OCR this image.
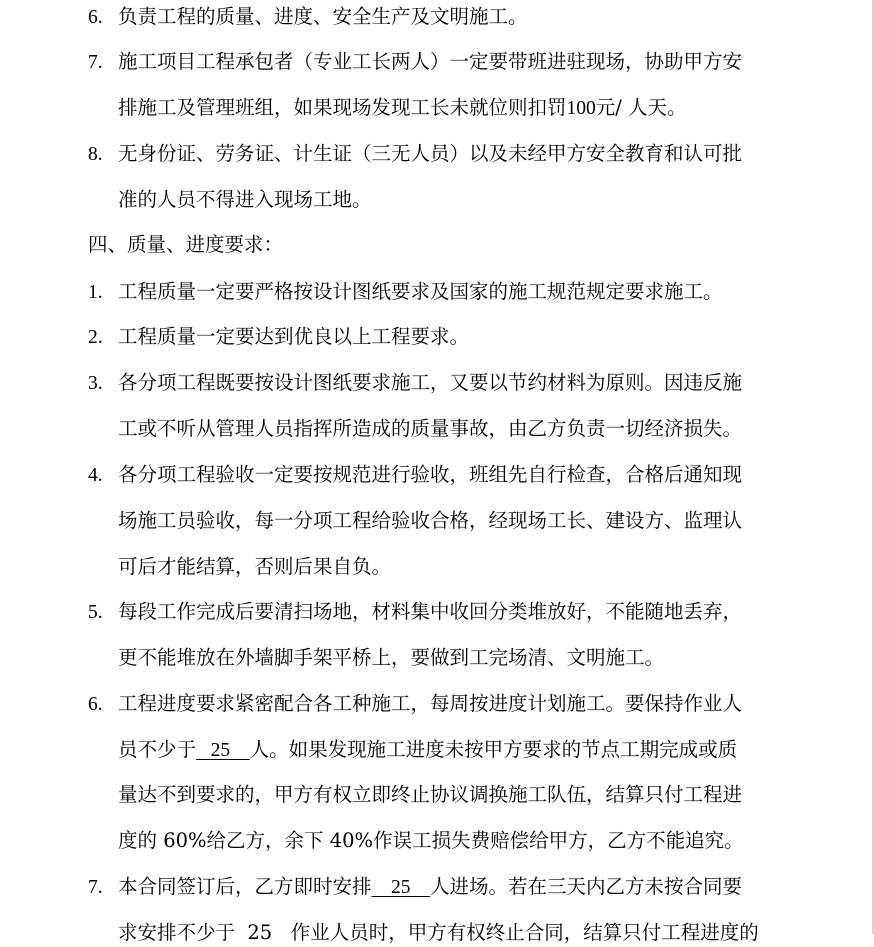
6. 负责工程的质量、进度、安全生产及文明施工。
7. 施工项目工程承包者（专业工长两人）一定要带班进驻现场，协助甲方安
排施工及管理班组，如果现场发现工长未就位则扣罚100元/ 人天。
8. 无身份证、劳务证、计生证（三无人员）以及未经甲方安全教育和认可批
准的人员不得进入现场工地。
四、质量、进度要求：
1. 工程质量一定要严格按设计图纸要求及国家的施工规范规定要求施工。
2. 工程质量一定要达到优良以上工程要求。
3. 各分项工程既要按设计图纸要求施工，又要以节约材料为原则。因违反施
工或不听从管理人员指挥所造成的质量事故，由乙方负责一切经济损失。
4. 各分项工程验收一定要按规范进行验收，班组先自行检查，合格后通知现
场施工员验收，每一分项工程给验收合格，经现场工长、建设方、监理认
可后才能结算，否则后果自负。
5. 每段工作完成后要清扫场地，材料集中收回分类堆放好，不能随地丢弃，
更不能堆放在外墙脚手架平桥上，要做到工完场清、文明施工。
6. 工程进度要求紧密配合各工种施工，每周按进度计划施工。要保持作业人
员不少于   25    人。如果发现施工进度未按甲方要求的节点工期完成或质
量达不到要求的，甲方有权立即终止协议调换施工队伍，结算只付工程进
度的 60%给乙方，余下 40%作误工损失费赔偿给甲方，乙方不能追究。
7. 本合同签订后，乙方即时安排    25    人进场。若在三天内乙方未按合同要
求安排不少于  25   作业人员时，甲方有权终止合同，结算只付工程进度的
